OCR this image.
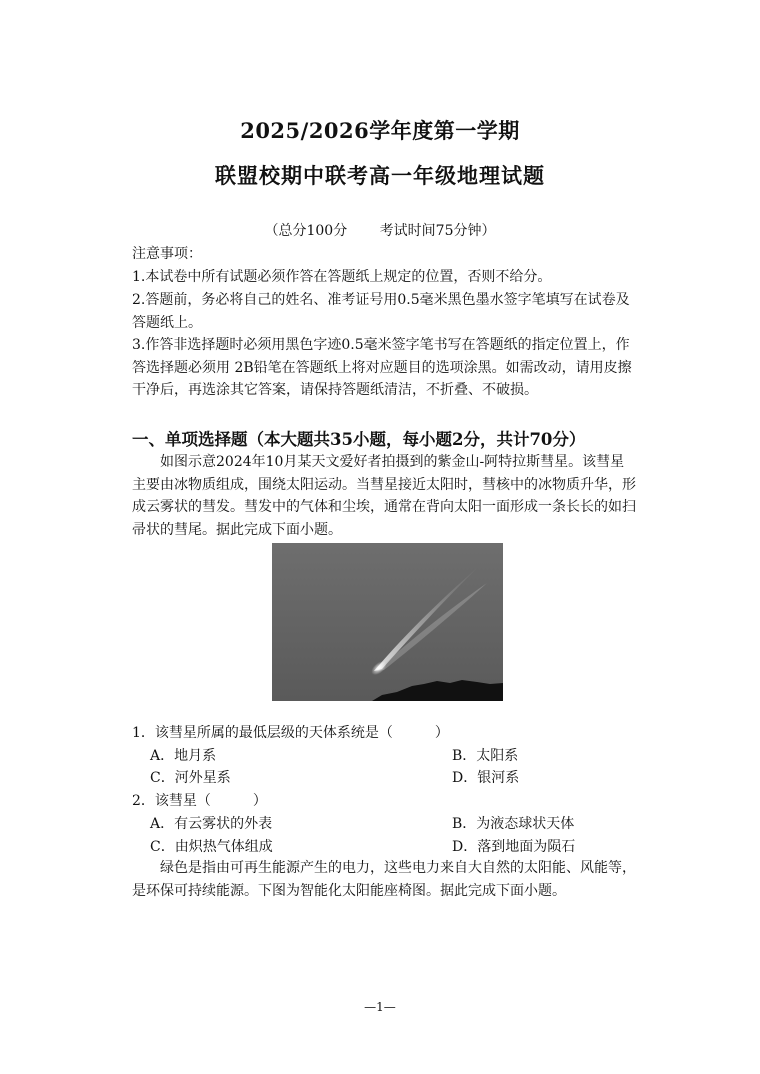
2025/2026学年度第一学期
联盟校期中联考高一年级地理试题
（总分100分 考试时间75分钟）
注意事项：
1.本试卷中所有试题必须作答在答题纸上规定的位置，否则不给分。
2.答题前，务必将自己的姓名、准考证号用0.5毫米黑色墨水签字笔填写在试卷及答题纸上。
3.作答非选择题时必须用黑色字迹0.5毫米签字笔书写在答题纸的指定位置上，作答选择题必须用 2B铅笔在答题纸上将对应题目的选项涂黑。如需改动，请用皮擦干净后，再选涂其它答案，请保持答题纸清洁，不折叠、不破损。
一、单项选择题（本大题共35小题，每小题2分，共计70分）
如图示意2024年10月某天文爱好者拍摄到的紫金山-阿特拉斯彗星。该彗星主要由冰物质组成，围绕太阳运动。当彗星接近太阳时，彗核中的冰物质升华，形成云雾状的彗发。彗发中的气体和尘埃，通常在背向太阳一面形成一条长长的如扫帚状的彗尾。据此完成下面小题。
1．该彗星所属的最低层级的天体系统是（　　　）
A．地月系	B．太阳系
C．河外星系	D．银河系
2．该彗星（　　　）
A．有云雾状的外表	B．为液态球状天体
C．由炽热气体组成	D．落到地面为陨石
绿色是指由可再生能源产生的电力，这些电力来自大自然的太阳能、风能等，是环保可持续能源。下图为智能化太阳能座椅图。据此完成下面小题。
—1—
